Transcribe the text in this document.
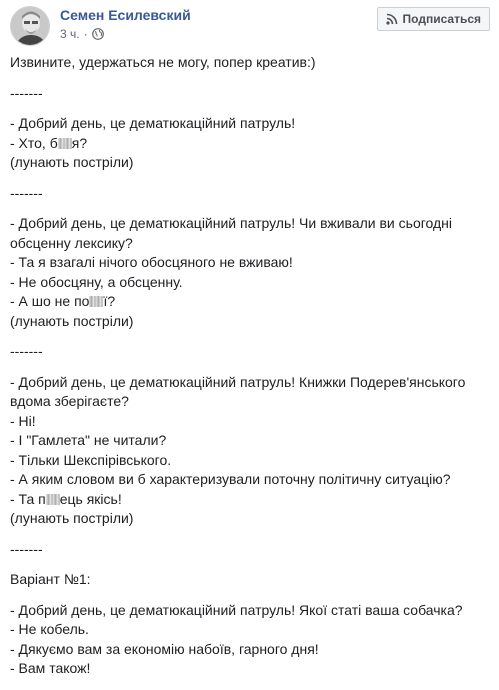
Семен Есилевский
3 ч. ·
Подписаться

Извините, удержаться не могу, попер креатив:)

-------

- Добрий день, це дематюкаційний патруль!
- Хто, б я?
(лунають постріли)

-------

- Добрий день, це дематюкаційний патруль! Чи вживали ви сьогодні
обсценну лексику?
- Та я взагалі нічого обосцяного не вживаю!
- Не обосцяну, а обсценну.
- А шо не по ї?
(лунають постріли)

-------

- Добрий день, це дематюкаційний патруль! Книжки Подерев'янського
вдома зберігаєте?
- Ні!
- І "Гамлета" не читали?
- Тільки Шекспірівського.
- А яким словом ви б характеризували поточну політичну ситуацію?
- Та п ець якісь!
(лунають постріли)

-------

Варіант №1:

- Добрий день, це дематюкаційний патруль! Якої статі ваша собачка?
- Не кобель.
- Дякуємо вам за економію набоїв, гарного дня!
- Вам також!
